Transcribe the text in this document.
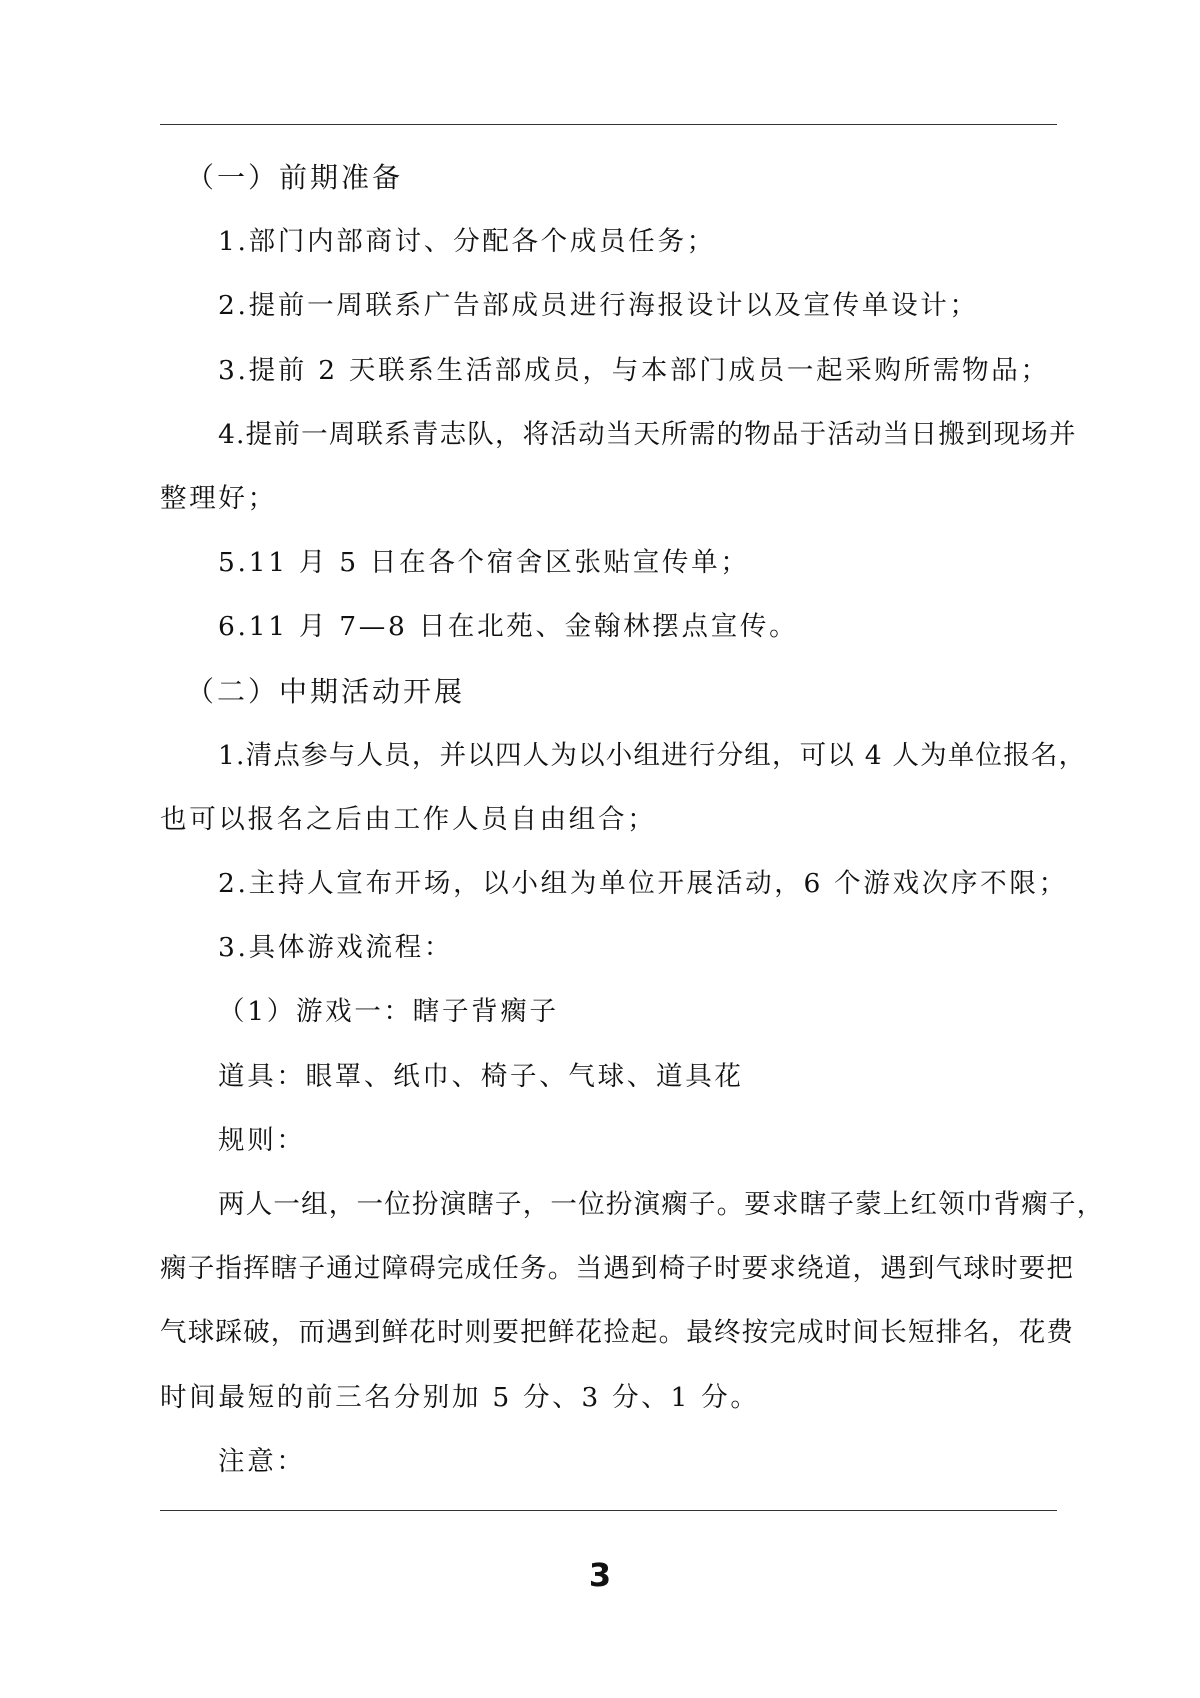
（一）前期准备
1.部门内部商讨、分配各个成员任务；
2.提前一周联系广告部成员进行海报设计以及宣传单设计；
3.提前 2 天联系生活部成员，与本部门成员一起采购所需物品；
4.提前一周联系青志队，将活动当天所需的物品于活动当日搬到现场并
整理好；
5.11 月 5 日在各个宿舍区张贴宣传单；
6.11 月 7—8 日在北苑、金翰林摆点宣传。
（二）中期活动开展
1.清点参与人员，并以四人为以小组进行分组，可以 4 人为单位报名，
也可以报名之后由工作人员自由组合；
2.主持人宣布开场，以小组为单位开展活动，6 个游戏次序不限；
3.具体游戏流程：
（1）游戏一：瞎子背瘸子
道具：眼罩、纸巾、椅子、气球、道具花
规则：
两人一组，一位扮演瞎子，一位扮演瘸子。要求瞎子蒙上红领巾背瘸子，
瘸子指挥瞎子通过障碍完成任务。当遇到椅子时要求绕道，遇到气球时要把
气球踩破，而遇到鲜花时则要把鲜花捡起。最终按完成时间长短排名，花费
时间最短的前三名分别加 5 分、3 分、1 分。
注意：
3
